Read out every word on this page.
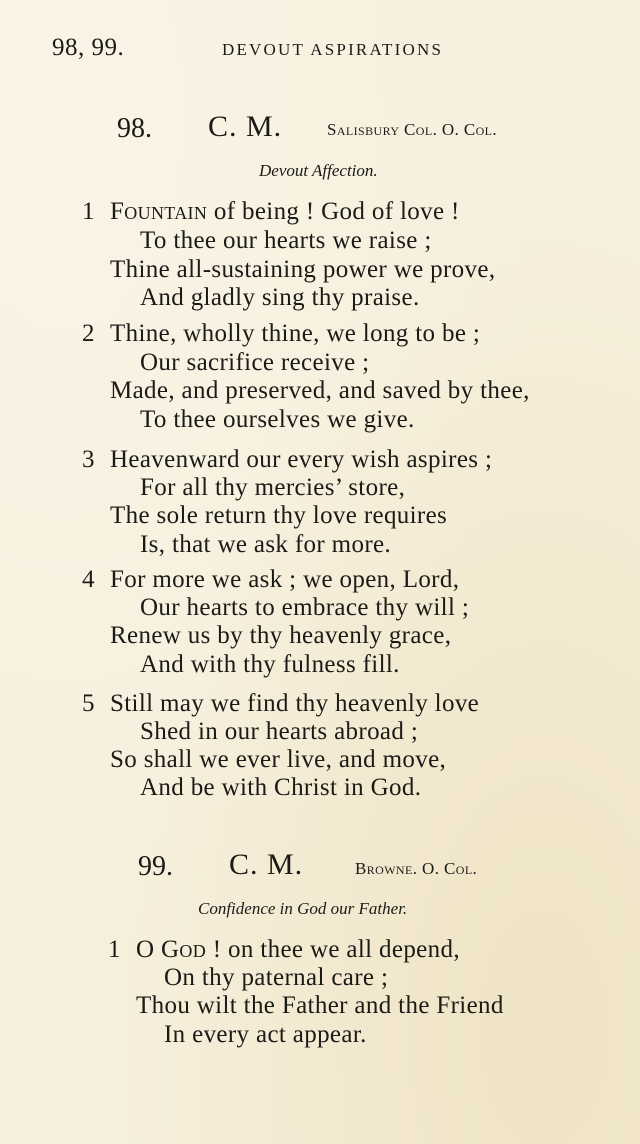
98, 99.	DEVOUT ASPIRATIONS
98. C. M.	Salisbury Col. O. Col.
Devout Affection.
1 Fountain of being ! God of love !
To thee our hearts we raise ;
Thine all-sustaining power we prove,
And gladly sing thy praise.
2 Thine, wholly thine, we long to be ;
Our sacrifice receive ;
Made, and preserved, and saved by thee,
To thee ourselves we give.
3 Heavenward our every wish aspires ;
For all thy mercies’ store,
The sole return thy love requires
Is, that we ask for more.
4 For more we ask ; we open, Lord,
Our hearts to embrace thy will ;
Renew us by thy heavenly grace,
And with thy fulness fill.
5 Still may we find thy heavenly love
Shed in our hearts abroad ;
So shall we ever live, and move,
And be with Christ in God.
99. C. M.	Browne. O. Col.
Confidence in God our Father.
1 O God ! on thee we all depend,
On thy paternal care ;
Thou wilt the Father and the Friend
In every act appear.
